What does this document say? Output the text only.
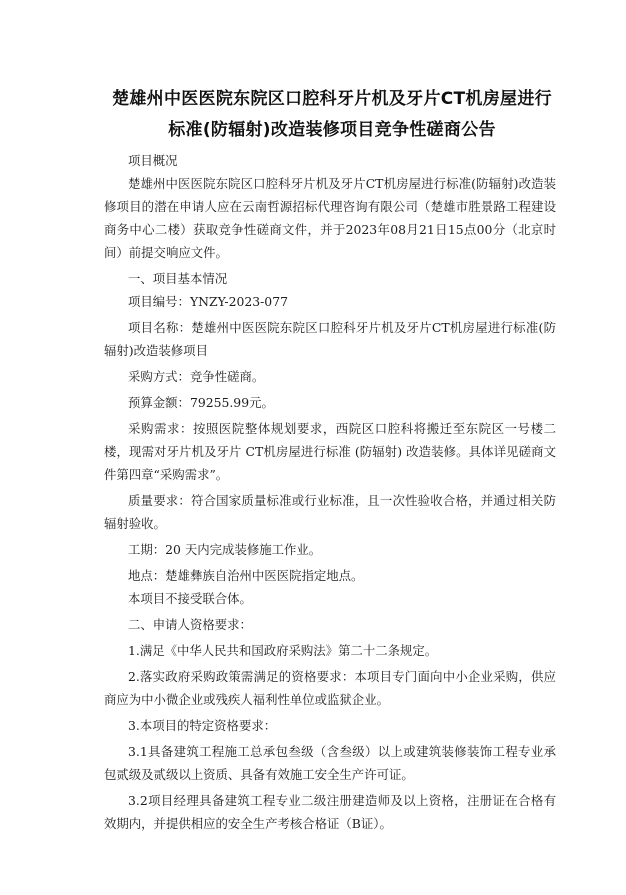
楚雄州中医医院东院区口腔科牙片机及牙片CT机房屋进行
标准(防辐射)改造装修项目竞争性磋商公告

项目概况

楚雄州中医医院东院区口腔科牙片机及牙片CT机房屋进行标准(防辐射)改造装修项目的潜在申请人应在云南哲源招标代理咨询有限公司（楚雄市胜景路工程建设商务中心二楼）获取竞争性磋商文件，并于2023年08月21日15点00分（北京时间）前提交响应文件。

一、项目基本情况

项目编号：YNZY-2023-077

项目名称：楚雄州中医医院东院区口腔科牙片机及牙片CT机房屋进行标准(防辐射)改造装修项目

采购方式：竞争性磋商。

预算金额：79255.99元。

采购需求：按照医院整体规划要求，西院区口腔科将搬迁至东院区一号楼二楼，现需对牙片机及牙片 CT机房屋进行标准 (防辐射) 改造装修。具体详见磋商文件第四章“采购需求”。

质量要求：符合国家质量标准或行业标准，且一次性验收合格，并通过相关防辐射验收。

工期：20 天内完成装修施工作业。

地点：楚雄彝族自治州中医医院指定地点。

本项目不接受联合体。

二、申请人资格要求：

1.满足《中华人民共和国政府采购法》第二十二条规定。

2.落实政府采购政策需满足的资格要求：本项目专门面向中小企业采购，供应商应为中小微企业或残疾人福利性单位或监狱企业。

3.本项目的特定资格要求：

3.1具备建筑工程施工总承包叁级（含叁级）以上或建筑装修装饰工程专业承包贰级及贰级以上资质、具备有效施工安全生产许可证。

3.2项目经理具备建筑工程专业二级注册建造师及以上资格，注册证在合格有效期内，并提供相应的安全生产考核合格证（B证）。
